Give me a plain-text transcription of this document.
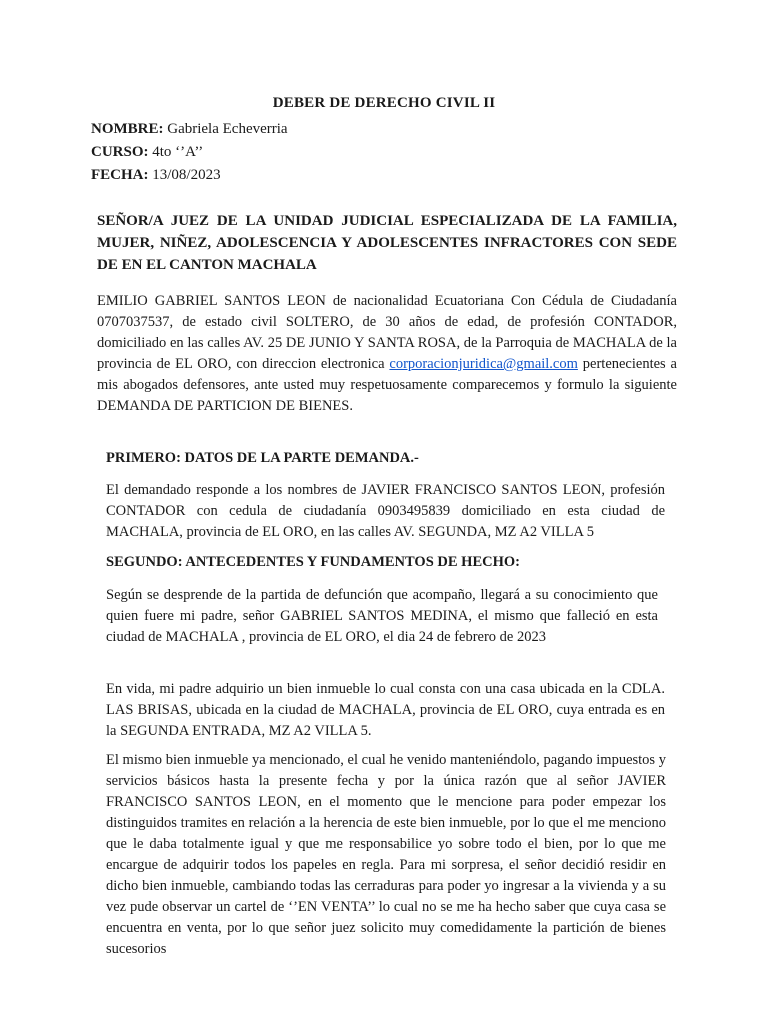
DEBER DE DERECHO CIVIL II
NOMBRE: Gabriela Echeverria
CURSO: 4to ‘’A’’
FECHA: 13/08/2023
SEÑOR/A JUEZ DE LA UNIDAD JUDICIAL ESPECIALIZADA DE LA FAMILIA, MUJER, NIÑEZ, ADOLESCENCIA Y ADOLESCENTES INFRACTORES CON SEDE DE EN EL CANTON MACHALA
EMILIO GABRIEL SANTOS LEON de nacionalidad Ecuatoriana Con Cédula de Ciudadanía 0707037537, de estado civil SOLTERO, de 30 años de edad, de profesión CONTADOR, domiciliado en las calles AV. 25 DE JUNIO Y SANTA ROSA, de la Parroquia de MACHALA de la provincia de EL ORO, con direccion electronica corporacionjuridica@gmail.com pertenecientes a mis abogados defensores, ante usted muy respetuosamente comparecemos y formulo la siguiente DEMANDA DE PARTICION DE BIENES.
PRIMERO: DATOS DE LA PARTE DEMANDA.-
El demandado responde a los nombres de JAVIER FRANCISCO SANTOS LEON, profesión CONTADOR con cedula de ciudadanía 0903495839 domiciliado en esta ciudad de MACHALA, provincia de EL ORO, en las calles AV. SEGUNDA, MZ A2 VILLA 5
SEGUNDO: ANTECEDENTES Y FUNDAMENTOS DE HECHO:
Según se desprende de la partida de defunción que acompaño, llegará a su conocimiento que quien fuere mi padre, señor GABRIEL SANTOS MEDINA, el mismo que falleció en esta ciudad de MACHALA , provincia de EL ORO, el dia 24 de febrero de 2023
En vida, mi padre adquirio un bien inmueble lo cual consta con una casa ubicada en la CDLA. LAS BRISAS, ubicada en la ciudad de MACHALA, provincia de EL ORO, cuya entrada es en la SEGUNDA ENTRADA, MZ A2 VILLA 5.
El mismo bien inmueble ya mencionado, el cual he venido manteniéndolo, pagando impuestos y servicios básicos hasta la presente fecha y por la única razón que al señor JAVIER FRANCISCO SANTOS LEON, en el momento que le mencione para poder empezar los distinguidos tramites en relación a la herencia de este bien inmueble, por lo que el me menciono que le daba totalmente igual y que me responsabilice yo sobre todo el bien, por lo que me encargue de adquirir todos los papeles en regla. Para mi sorpresa, el señor decidió residir en dicho bien inmueble, cambiando todas las cerraduras para poder yo ingresar a la vivienda y a su vez pude observar un cartel de ‘’EN VENTA’’ lo cual no se me ha hecho saber que cuya casa se encuentra en venta, por lo que señor juez solicito muy comedidamente la partición de bienes sucesorios
